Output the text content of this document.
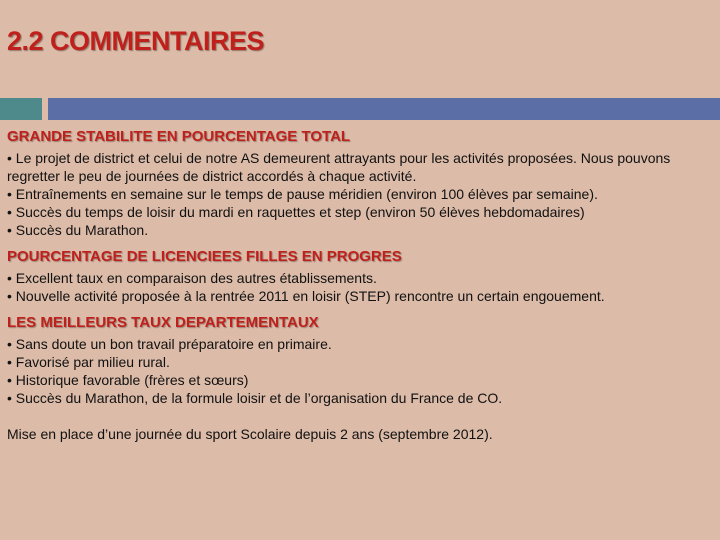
2.2 COMMENTAIRES

GRANDE STABILITE EN POURCENTAGE TOTAL

• Le projet de district et celui de notre AS demeurent attrayants pour les activités proposées. Nous pouvons regretter le peu de journées de district accordés à chaque activité.

• Entraînements en semaine sur le temps de pause méridien (environ 100 élèves par semaine).

• Succès du temps de loisir du mardi en raquettes et step (environ 50 élèves hebdomadaires)

• Succès du Marathon.

POURCENTAGE DE LICENCIEES FILLES EN PROGRES

• Excellent taux en comparaison des autres établissements.

• Nouvelle activité proposée à la rentrée 2011 en loisir (STEP) rencontre un certain engouement.

LES MEILLEURS TAUX DEPARTEMENTAUX

• Sans doute un bon travail préparatoire en primaire.

• Favorisé par milieu rural.

• Historique favorable (frères et sœurs)

• Succès du Marathon, de la formule loisir et de l’organisation du France de CO.

Mise en place d’une journée du sport Scolaire depuis 2 ans (septembre 2012).
